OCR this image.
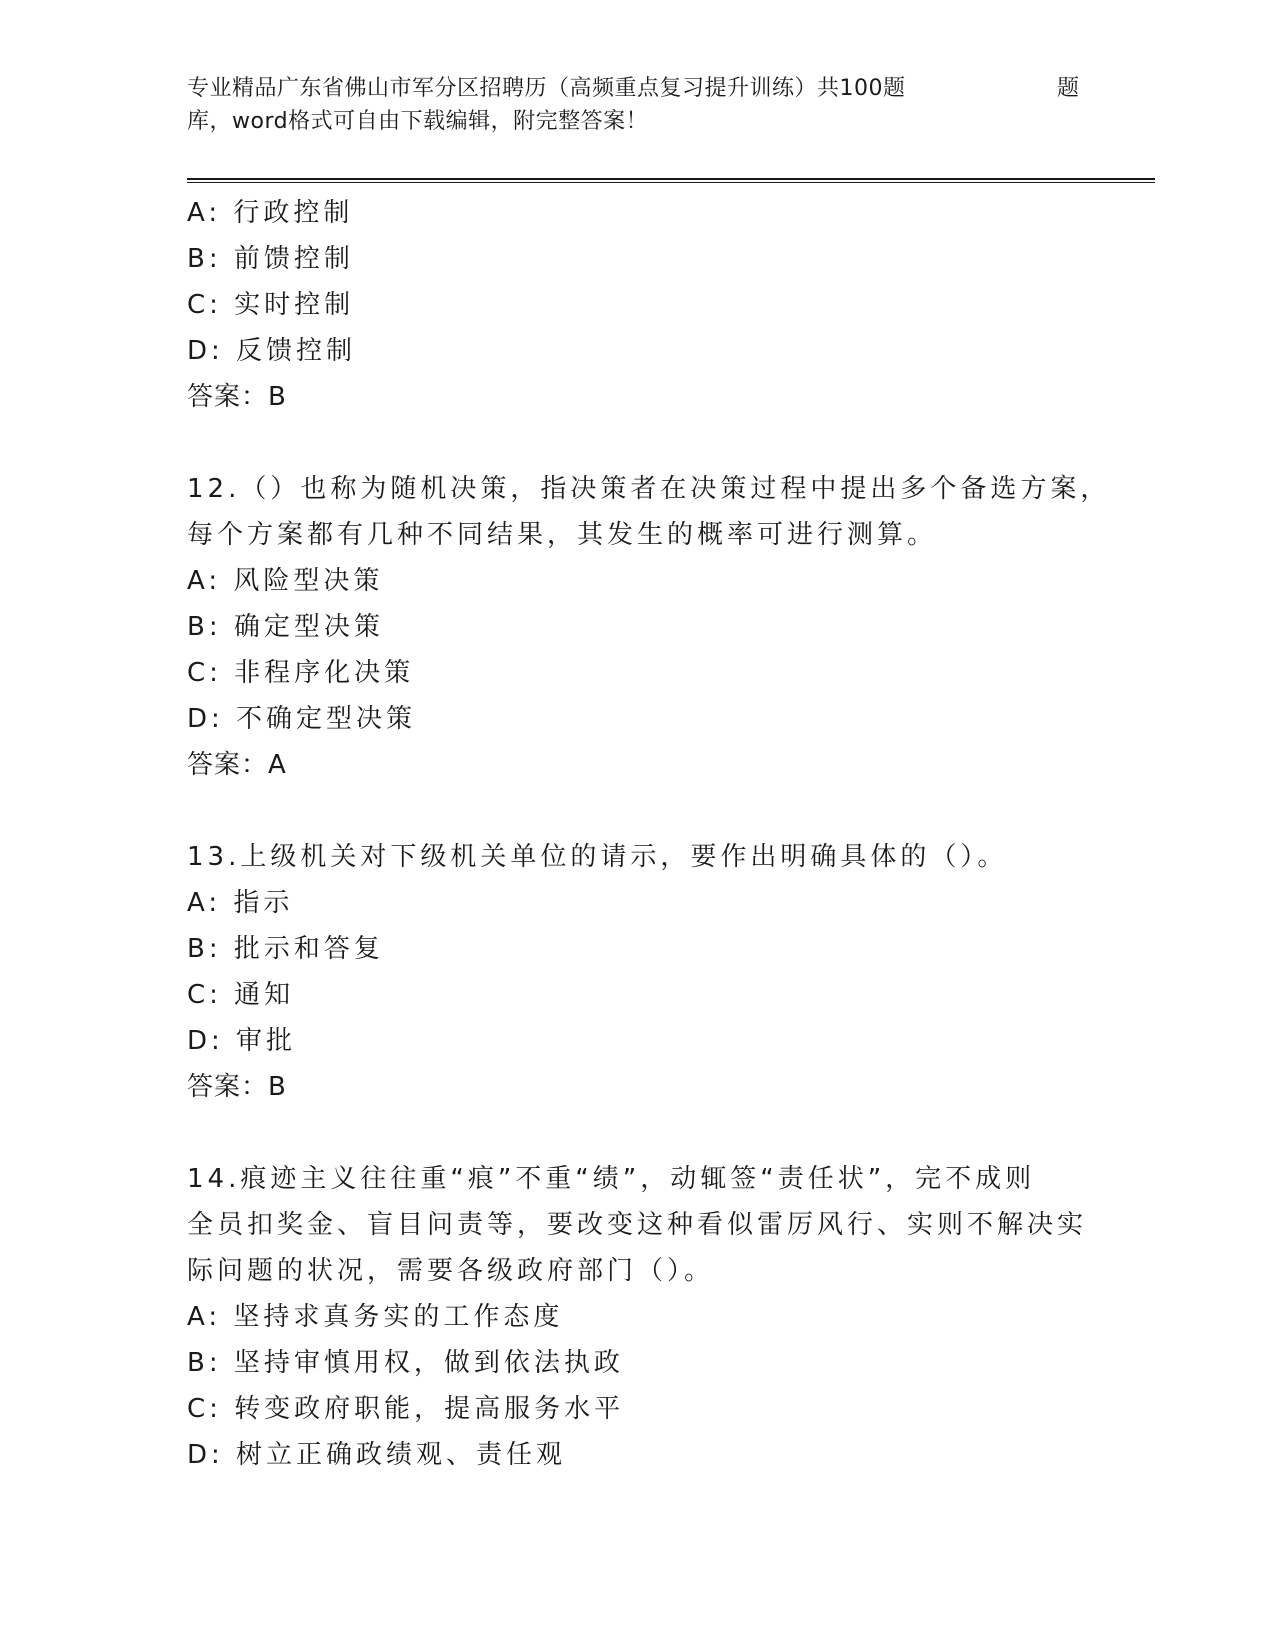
专业精品广东省佛山市军分区招聘历（高频重点复习提升训练）共100题	题
库，word格式可自由下载编辑，附完整答案！
A: 行政控制
B: 前馈控制
C: 实时控制
D: 反馈控制
答案：B
12.（）也称为随机决策，指决策者在决策过程中提出多个备选方案，
每个方案都有几种不同结果，其发生的概率可进行测算。
A: 风险型决策
B: 确定型决策
C: 非程序化决策
D: 不确定型决策
答案：A
13.上级机关对下级机关单位的请示，要作出明确具体的（）。
A: 指示
B: 批示和答复
C: 通知
D: 审批
答案：B
14.痕迹主义往往重“痕”不重“绩”，动辄签“责任状”，完不成则
全员扣奖金、盲目问责等，要改变这种看似雷厉风行、实则不解决实
际问题的状况，需要各级政府部门（）。
A: 坚持求真务实的工作态度
B: 坚持审慎用权，做到依法执政
C: 转变政府职能，提高服务水平
D: 树立正确政绩观、责任观
